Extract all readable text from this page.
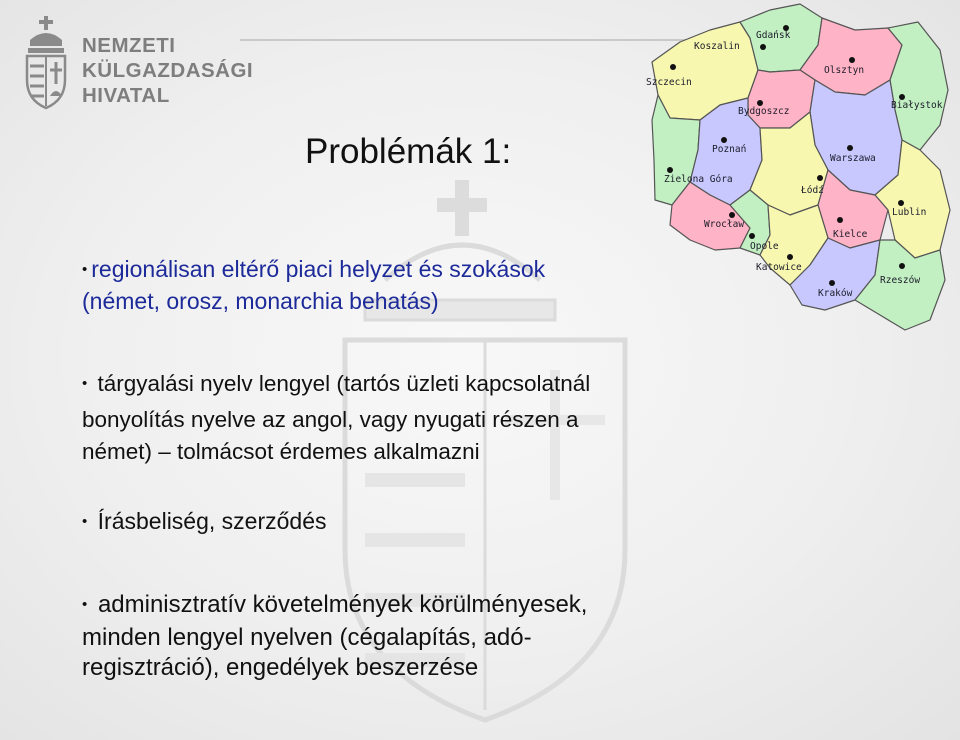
NEMZETI
KÜLGAZDASÁGI
HIVATAL
Gdańsk
Koszalin
Olsztyn
Szczecin
Białystok
Bydgoszcz
Poznań
Warszawa
Zielona Góra
Łódź
Lublin
Wrocław
Kielce
Opole
Katowice
Rzeszów
Kraków
Problémák 1:
• regionálisan eltérő piaci helyzet és szokások
(német, orosz, monarchia behatás)
• tárgyalási nyelv lengyel (tartós üzleti kapcsolatnál
bonyolítás nyelve az angol, vagy nyugati részen a
német) – tolmácsot érdemes alkalmazni
• Írásbeliség, szerződés
• adminisztratív követelmények körülményesek,
minden lengyel nyelven (cégalapítás, adó-
regisztráció), engedélyek beszerzése
